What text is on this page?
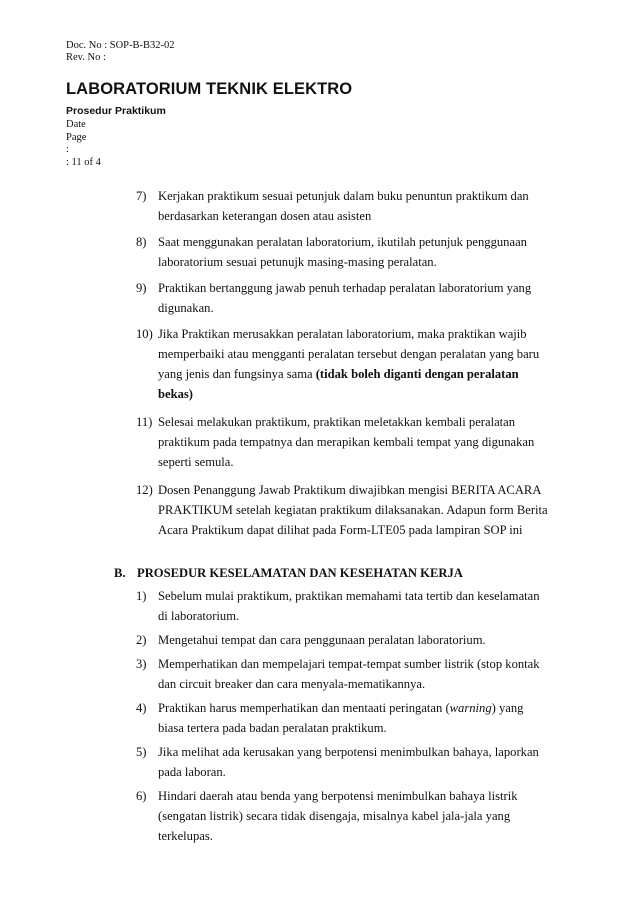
Doc. No : SOP-B-B32-02
Rev. No :
LABORATORIUM TEKNIK ELEKTRO
Prosedur Praktikum
Date
Page
:
: 11 of 4
7) Kerjakan praktikum sesuai petunjuk dalam buku penuntun praktikum dan
berdasarkan keterangan dosen atau asisten
8) Saat menggunakan peralatan laboratorium, ikutilah petunjuk penggunaan
laboratorium sesuai petunujk masing-masing peralatan.
9) Praktikan bertanggung jawab penuh terhadap peralatan laboratorium yang
digunakan.
10) Jika Praktikan merusakkan peralatan laboratorium, maka praktikan wajib
memperbaiki atau mengganti peralatan tersebut dengan peralatan yang baru
yang jenis dan fungsinya sama (tidak boleh diganti dengan peralatan
bekas)
11) Selesai melakukan praktikum, praktikan meletakkan kembali peralatan
praktikum pada tempatnya dan merapikan kembali tempat yang digunakan
seperti semula.
12) Dosen Penanggung Jawab Praktikum diwajibkan mengisi BERITA ACARA
PRAKTIKUM setelah kegiatan praktikum dilaksanakan. Adapun form Berita
Acara Praktikum dapat dilihat pada Form-LTE05 pada lampiran SOP ini
B. PROSEDUR KESELAMATAN DAN KESEHATAN KERJA
1) Sebelum mulai praktikum, praktikan memahami tata tertib dan keselamatan
di laboratorium.
2) Mengetahui tempat dan cara penggunaan peralatan laboratorium.
3) Memperhatikan dan mempelajari tempat-tempat sumber listrik (stop kontak
dan circuit breaker dan cara menyala-mematikannya.
4) Praktikan harus memperhatikan dan mentaati peringatan (warning) yang
biasa tertera pada badan peralatan praktikum.
5) Jika melihat ada kerusakan yang berpotensi menimbulkan bahaya, laporkan
pada laboran.
6) Hindari daerah atau benda yang berpotensi menimbulkan bahaya listrik
(sengatan listrik) secara tidak disengaja, misalnya kabel jala-jala yang
terkelupas.
